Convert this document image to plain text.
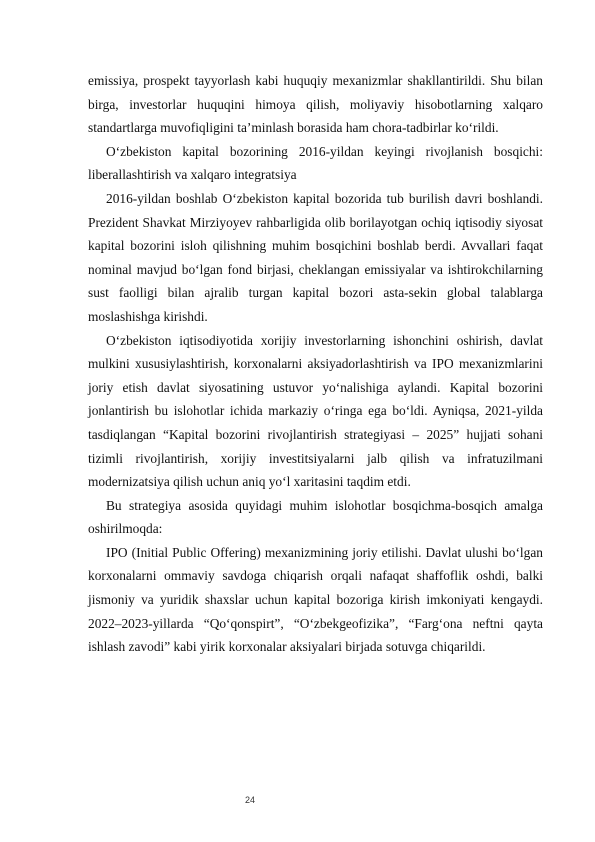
emissiya, prospekt tayyorlash kabi huquqiy mexanizmlar shakllantirildi. Shu bilan birga, investorlar huquqini himoya qilish, moliyaviy hisobotlarning xalqaro standartlarga muvofiqligini ta’minlash borasida ham chora-tadbirlar ko‘rildi.

O‘zbekiston kapital bozorining 2016-yildan keyingi rivojlanish bosqichi: liberallashtirish va xalqaro integratsiya

2016-yildan boshlab O‘zbekiston kapital bozorida tub burilish davri boshlandi. Prezident Shavkat Mirziyoyev rahbarligida olib borilayotgan ochiq iqtisodiy siyosat kapital bozorini isloh qilishning muhim bosqichini boshlab berdi. Avvallari faqat nominal mavjud bo‘lgan fond birjasi, cheklangan emissiyalar va ishtirokchilarning sust faolligi bilan ajralib turgan kapital bozori asta-sekin global talablarga moslashishga kirishdi.

O‘zbekiston iqtisodiyotida xorijiy investorlarning ishonchini oshirish, davlat mulkini xususiylashtirish, korxonalarni aksiyadorlashtirish va IPO mexanizmlarini joriy etish davlat siyosatining ustuvor yo‘nalishiga aylandi. Kapital bozorini jonlantirish bu islohotlar ichida markaziy o‘ringa ega bo‘ldi. Ayniqsa, 2021-yilda tasdiqlangan “Kapital bozorini rivojlantirish strategiyasi – 2025” hujjati sohani tizimli rivojlantirish, xorijiy investitsiyalarni jalb qilish va infratuzilmani modernizatsiya qilish uchun aniq yo‘l xaritasini taqdim etdi.

Bu strategiya asosida quyidagi muhim islohotlar bosqichma-bosqich amalga oshirilmoqda:

IPO (Initial Public Offering) mexanizmining joriy etilishi. Davlat ulushi bo‘lgan korxonalarni ommaviy savdoga chiqarish orqali nafaqat shaffoflik oshdi, balki jismoniy va yuridik shaxslar uchun kapital bozoriga kirish imkoniyati kengaydi. 2022–2023-yillarda “Qo‘qonspirt”, “O‘zbekgeofizika”, “Farg‘ona neftni qayta ishlash zavodi” kabi yirik korxonalar aksiyalari birjada sotuvga chiqarildi.

24
